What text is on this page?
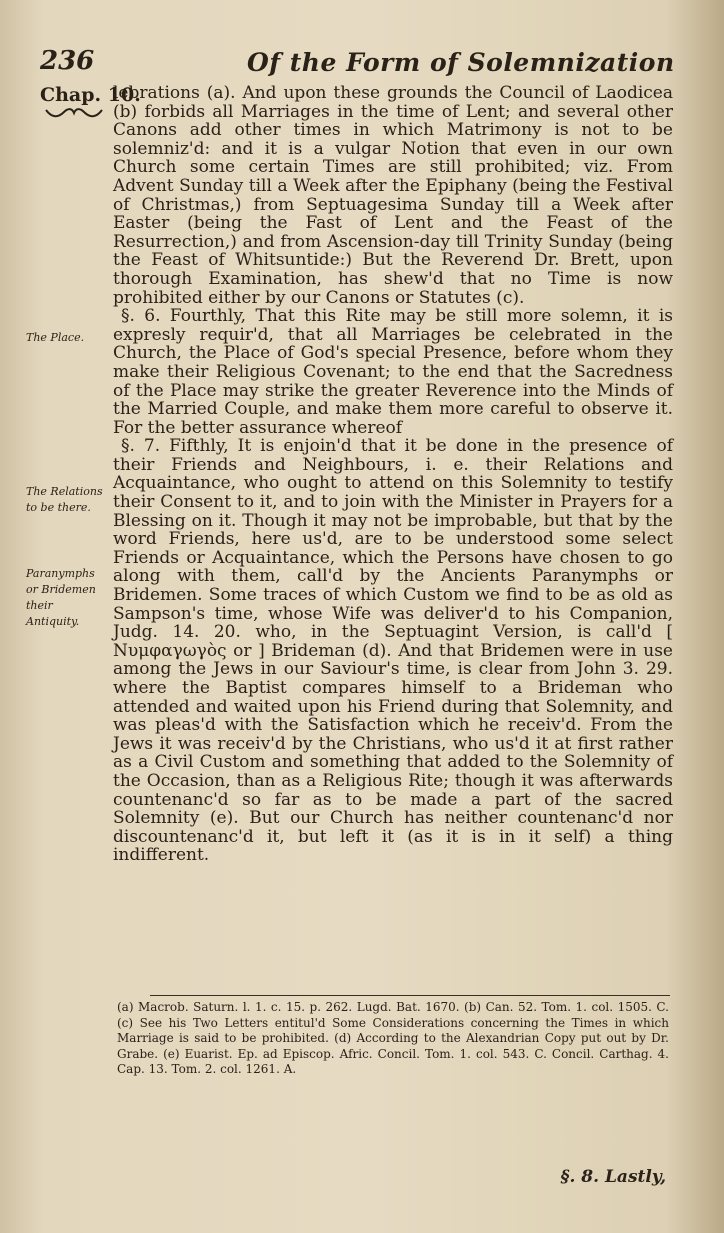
236	Of the Form of Solemnization
Chap. 10.
The Place.
The Relations to be there.
Paranymphs or Bridemen their Antiquity.

lebrations (a). And upon these grounds the Council of Laodicea (b) forbids all Marriages in the time of Lent; and several other Canons add other times in which Matrimony is not to be solemniz'd: and it is a vulgar Notion that even in our own Church some certain Times are still prohibited; viz. From Advent Sunday till a Week after the Epiphany (being the Festival of Christmas,) from Septuagesima Sunday till a Week after Easter (being the Fast of Lent and the Feast of the Resurrection,) and from Ascension-day till Trinity Sunday (being the Feast of Whitsuntide:) But the Reverend Dr. Brett, upon thorough Examination, has shew'd that no Time is now prohibited either by our Canons or Statutes (c).

§. 6. Fourthly, That this Rite may be still more solemn, it is expresly requir'd, that all Marriages be celebrated in the Church, the Place of God's special Presence, before whom they make their Religious Covenant; to the end that the Sacredness of the Place may strike the greater Reverence into the Minds of the Married Couple, and make them more careful to observe it. For the better assurance whereof

§. 7. Fifthly, It is enjoin'd that it be done in the presence of their Friends and Neighbours, i. e. their Relations and Acquaintance, who ought to attend on this Solemnity to testify their Consent to it, and to join with the Minister in Prayers for a Blessing on it. Though it may not be improbable, but that by the word Friends, here us'd, are to be understood some select Friends or Acquaintance, which the Persons have chosen to go along with them, call'd by the Ancients Paranymphs or Bridemen. Some traces of which Custom we find to be as old as Sampson's time, whose Wife was deliver'd to his Companion, Judg. 14. 20. who, in the Septuagint Version, is call'd [ Νυμφαγωγὸς or ] Brideman (d). And that Bridemen were in use among the Jews in our Saviour's time, is clear from John 3. 29. where the Baptist compares himself to a Brideman who attended and waited upon his Friend during that Solemnity, and was pleas'd with the Satisfaction which he receiv'd. From the Jews it was receiv'd by the Christians, who us'd it at first rather as a Civil Custom and something that added to the Solemnity of the Occasion, than as a Religious Rite; though it was afterwards countenanc'd so far as to be made a part of the sacred Solemnity (e). But our Church has neither countenanc'd nor discountenanc'd it, but left it (as it is in it self) a thing indifferent.

(a) Macrob. Saturn. l. 1. c. 15. p. 262. Lugd. Bat. 1670. (b) Can. 52. Tom. 1. col. 1505. C. (c) See his Two Letters entitul'd Some Considerations concerning the Times in which Marriage is said to be prohibited. (d) According to the Alexandrian Copy put out by Dr. Grabe. (e) Euarist. Ep. ad Episcop. Afric. Concil. Tom. 1. col. 543. C. Concil. Carthag. 4. Cap. 13. Tom. 2. col. 1261. A.

§. 8. Lastly,
